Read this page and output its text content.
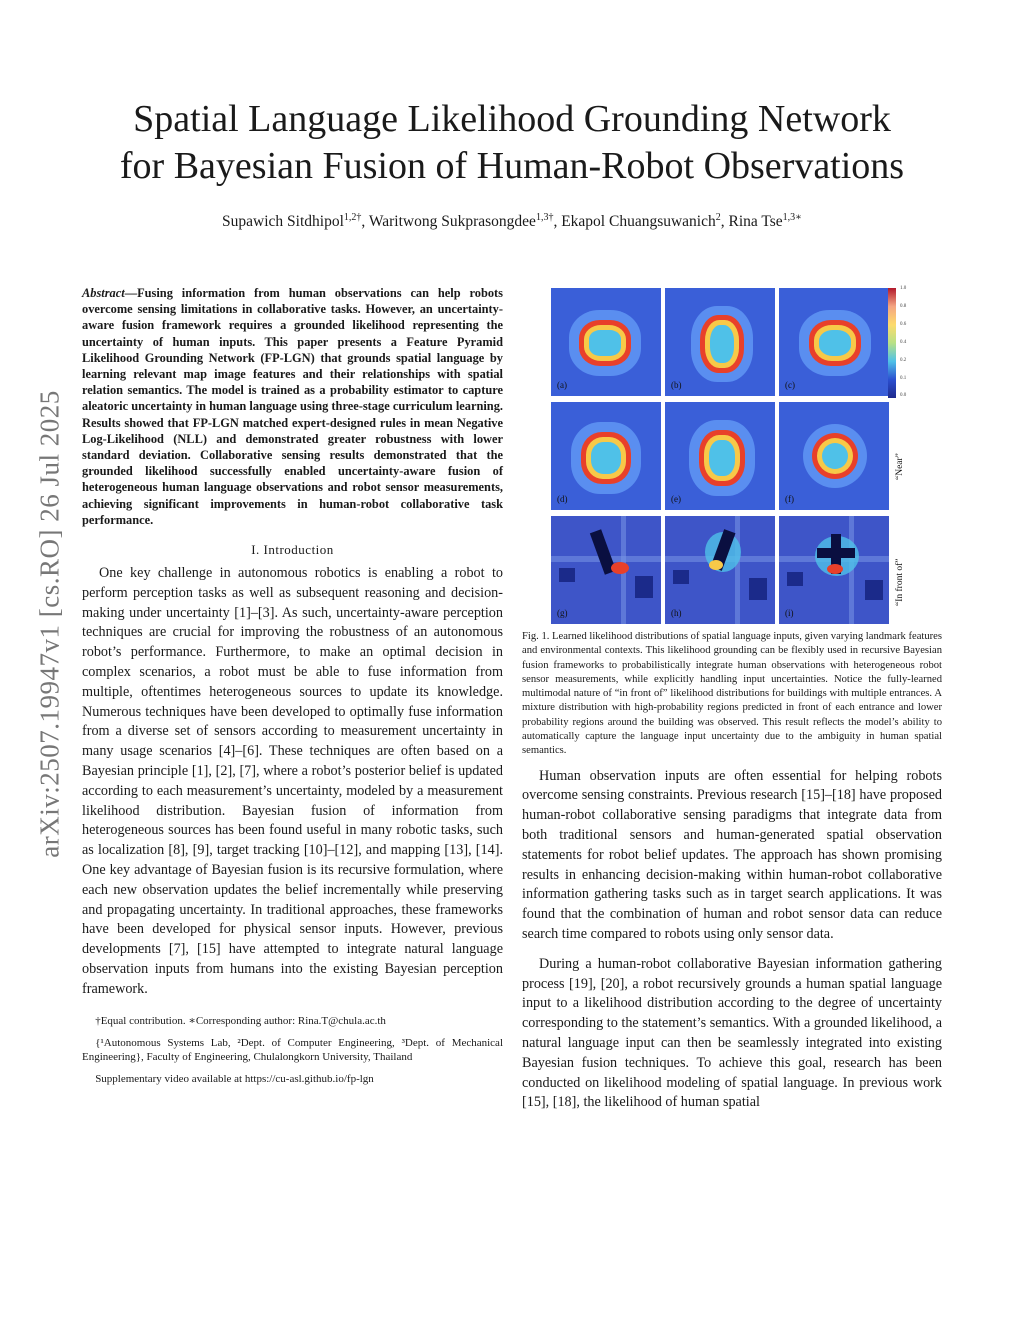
Spatial Language Likelihood Grounding Network
for Bayesian Fusion of Human-Robot Observations
Supawich Sitdhipol$^{1,2\dagger}$, Waritwong Sukprasongdee$^{1,3\dagger}$, Ekapol Chuangsuwanich$^2$, Rina Tse$^{1,3∗}$
arXiv:2507.19947v1 [cs.RO] 26 Jul 2025

Abstract—Fusing information from human observations can help robots overcome sensing limitations in collaborative tasks. However, an uncertainty-aware fusion framework requires a grounded likelihood representing the uncertainty of human inputs. This paper presents a Feature Pyramid Likelihood Grounding Network (FP-LGN) that grounds spatial language by learning relevant map image features and their relationships with spatial relation semantics. The model is trained as a probability estimator to capture aleatoric uncertainty in human language using three-stage curriculum learning. Results showed that FP-LGN matched expert-designed rules in mean Negative Log-Likelihood (NLL) and demonstrated greater robustness with lower standard deviation. Collaborative sensing results demonstrated that the grounded likelihood successfully enabled uncertainty-aware fusion of heterogeneous human language observations and robot sensor measurements, achieving significant improvements in human-robot collaborative task performance.

I. Introduction

One key challenge in autonomous robotics is enabling a robot to perform perception tasks as well as subsequent reasoning and decision-making under uncertainty [1]–[3]. As such, uncertainty-aware perception techniques are crucial for improving the robustness of an autonomous robot’s performance. Furthermore, to make an optimal decision in complex scenarios, a robot must be able to fuse information from multiple, oftentimes heterogeneous sources to update its knowledge. Numerous techniques have been developed to optimally fuse information from a diverse set of sensors according to measurement uncertainty in many usage scenarios [4]–[6]. These techniques are often based on a Bayesian principle [1], [2], [7], where a robot’s posterior belief is updated according to each measurement’s uncertainty, modeled by a measurement likelihood distribution. Bayesian fusion of information from heterogeneous sources has been found useful in many robotic tasks, such as localization [8], [9], target tracking [10]–[12], and mapping [13], [14]. One key advantage of Bayesian fusion is its recursive formulation, where each new observation updates the belief incrementally while preserving and propagating uncertainty. In traditional approaches, these frameworks have been developed for physical sensor inputs. However, previous developments [7], [15] have attempted to integrate natural language observation inputs from humans into the existing Bayesian perception framework.

†Equal contribution. ∗Corresponding author: Rina.T@chula.ac.th

{¹Autonomous Systems Lab, ²Dept. of Computer Engineering, ³Dept. of Mechanical Engineering}, Faculty of Engineering, Chulalongkorn University, Thailand

Supplementary video available at https://cu-asl.github.io/fp-lgn

(a)	(b)	(c)
1.0
0.8
0.6
0.4
0.2
0.1
0.0
(d)	(e)	(f)
“Near”
(g)	(h)	(i)
“In front of”

Fig. 1. Learned likelihood distributions of spatial language inputs, given varying landmark features and environmental contexts. This likelihood grounding can be flexibly used in recursive Bayesian fusion frameworks to probabilistically integrate human observations with heterogeneous robot sensor measurements, while explicitly handling input uncertainties. Notice the fully-learned multimodal nature of “in front of” likelihood distributions for buildings with multiple entrances. A mixture distribution with high-probability regions predicted in front of each entrance and lower probability regions around the building was observed. This result reflects the model’s ability to automatically capture the language input uncertainty due to the ambiguity in human spatial semantics.

Human observation inputs are often essential for helping robots overcome sensing constraints. Previous research [15]–[18] have proposed human-robot collaborative sensing paradigms that integrate data from both traditional sensors and human-generated spatial observation statements for robot belief updates. The approach has shown promising results in enhancing decision-making within human-robot collaborative information gathering tasks such as in target search applications. It was found that the combination of human and robot sensor data can reduce search time compared to robots using only sensor data.

During a human-robot collaborative Bayesian information gathering process [19], [20], a robot recursively grounds a human spatial language input to a likelihood distribution according to the degree of uncertainty corresponding to the statement’s semantics. With a grounded likelihood, a natural language input can then be seamlessly integrated into existing Bayesian fusion techniques. To achieve this goal, research has been conducted on likelihood modeling of spatial language. In previous work [15], [18], the likelihood of human spatial
